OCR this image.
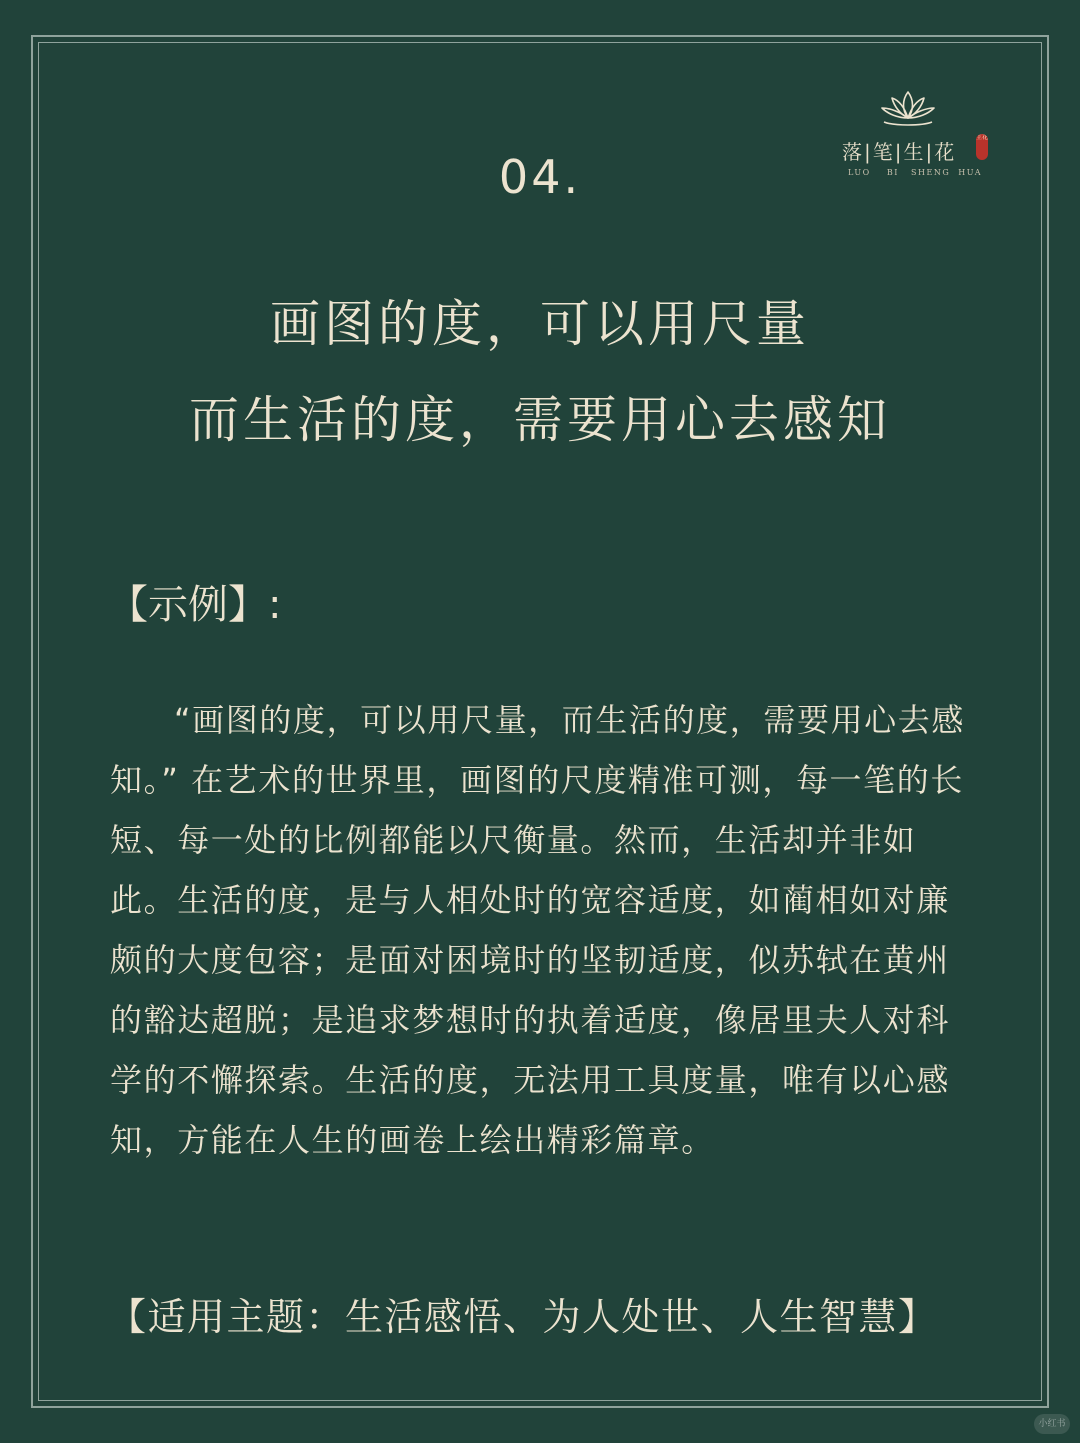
落|笔|生|花
生花
LUO    BI   SHENG  HUA
04.
画图的度，可以用尺量
而生活的度，需要用心去感知
【示例】:

“画图的度，可以用尺量，而生活的度，需要用心去感知。” 在艺术的世界里，画图的尺度精准可测，每一笔的长短、每一处的比例都能以尺衡量。然而，生活却并非如此。生活的度，是与人相处时的宽容适度，如蔺相如对廉颇的大度包容；是面对困境时的坚韧适度，似苏轼在黄州的豁达超脱；是追求梦想时的执着适度，像居里夫人对科学的不懈探索。生活的度，无法用工具度量，唯有以心感知，方能在人生的画卷上绘出精彩篇章。

【适用主题：生活感悟、为人处世、人生智慧】
小红书
